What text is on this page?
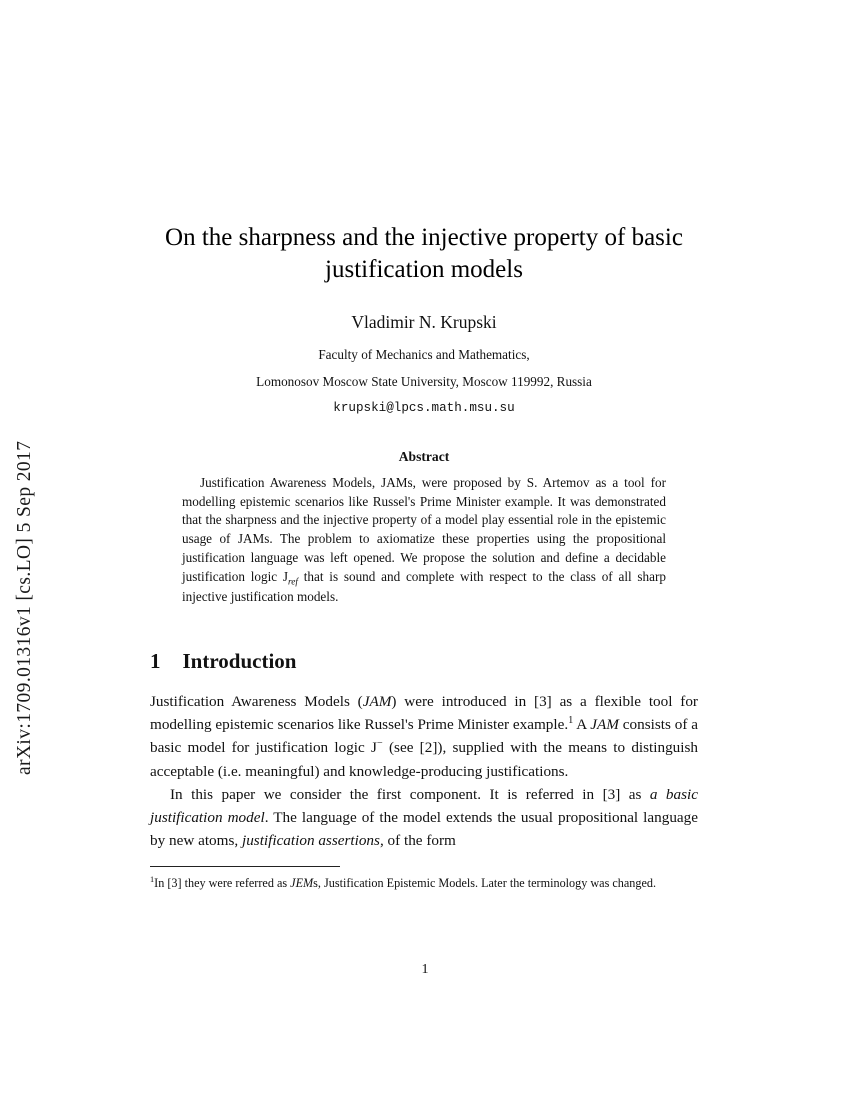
arXiv:1709.01316v1 [cs.LO] 5 Sep 2017
On the sharpness and the injective property of basic justification models
Vladimir N. Krupski
Faculty of Mechanics and Mathematics,
Lomonosov Moscow State University, Moscow 119992, Russia
krupski@lpcs.math.msu.su
Abstract
Justification Awareness Models, JAMs, were proposed by S. Artemov as a tool for modelling epistemic scenarios like Russel's Prime Minister example. It was demonstrated that the sharpness and the injective property of a model play essential role in the epistemic usage of JAMs. The problem to axiomatize these properties using the propositional justification language was left opened. We propose the solution and define a decidable justification logic $J_{ref}$ that is sound and complete with respect to the class of all sharp injective justification models.
1 Introduction

Justification Awareness Models (JAM) were introduced in [3] as a flexible tool for modelling epistemic scenarios like Russel's Prime Minister example.$^1$ A JAM consists of a basic model for justification logic J− (see [2]), supplied with the means to distinguish acceptable (i.e. meaningful) and knowledge-producing justifications.

In this paper we consider the first component. It is referred in [3] as a basic justification model. The language of the model extends the usual propositional language by new atoms, justification assertions, of the form

$^1$In [3] they were referred as JEMs, Justification Epistemic Models. Later the terminology was changed.
1
